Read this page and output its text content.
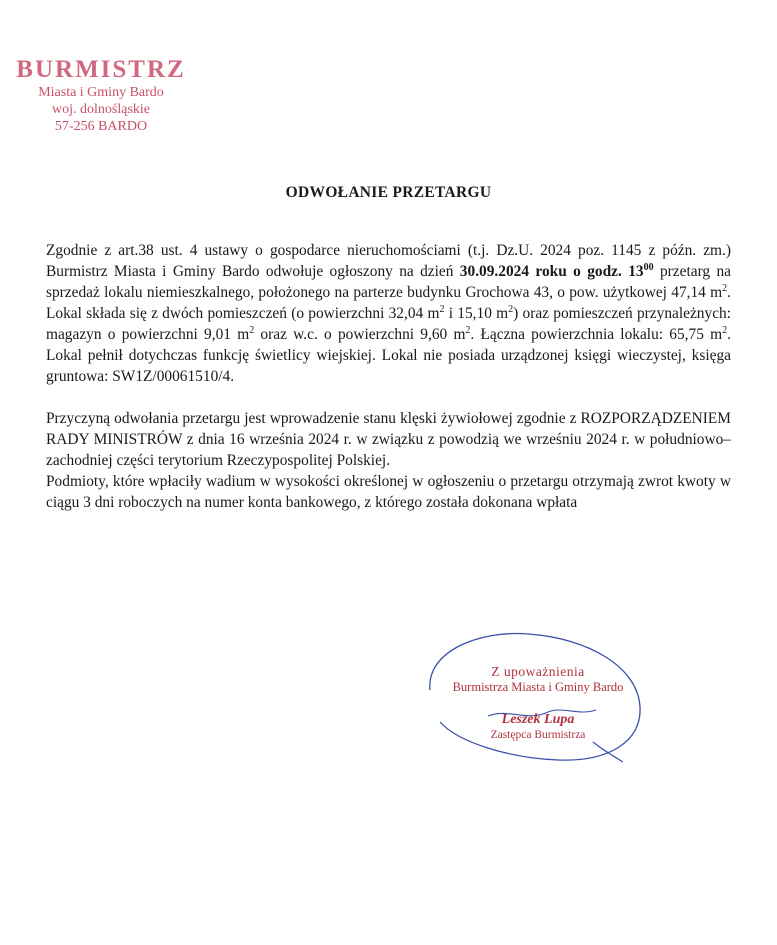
BURMISTRZ
Miasta i Gminy Bardo
woj. dolnośląskie
57-256 BARDO
ODWOŁANIE PRZETARGU

Zgodnie z art.38 ust. 4 ustawy o gospodarce nieruchomościami (t.j. Dz.U. 2024 poz. 1145 z późn. zm.) Burmistrz Miasta i Gminy Bardo odwołuje ogłoszony na dzień 30.09.2024 roku o godz. $13^{00}$ przetarg na sprzedaż lokalu niemieszkalnego, położonego na parterze budynku Grochowa 43, o pow. użytkowej 47,14 $m^2$. Lokal składa się z dwóch pomieszczeń (o powierzchni 32,04 $m^2$ i 15,10 $m^2$) oraz pomieszczeń przynależnych: magazyn o powierzchni 9,01 $m^2$ oraz w.c. o powierzchni 9,60 $m^2$. Łączna powierzchnia lokalu: 65,75 $m^2$. Lokal pełnił dotychczas funkcję świetlicy wiejskiej. Lokal nie posiada urządzonej księgi wieczystej, księga gruntowa: SW1Z/00061510/4.

Przyczyną odwołania przetargu jest wprowadzenie stanu klęski żywiołowej zgodnie z ROZPORZĄDZENIEM RADY MINISTRÓW z dnia 16 września 2024 r. w związku z powodzią we wrześniu 2024 r. w południowo–zachodniej części terytorium Rzeczypospolitej Polskiej.

Podmioty, które wpłaciły wadium w wysokości określonej w ogłoszeniu o przetargu otrzymają zwrot kwoty w ciągu 3 dni roboczych na numer konta bankowego, z którego została dokonana wpłata

Z upoważnienia
Burmistrza Miasta i Gminy Bardo
Leszek Lupa
Zastępca Burmistrza
